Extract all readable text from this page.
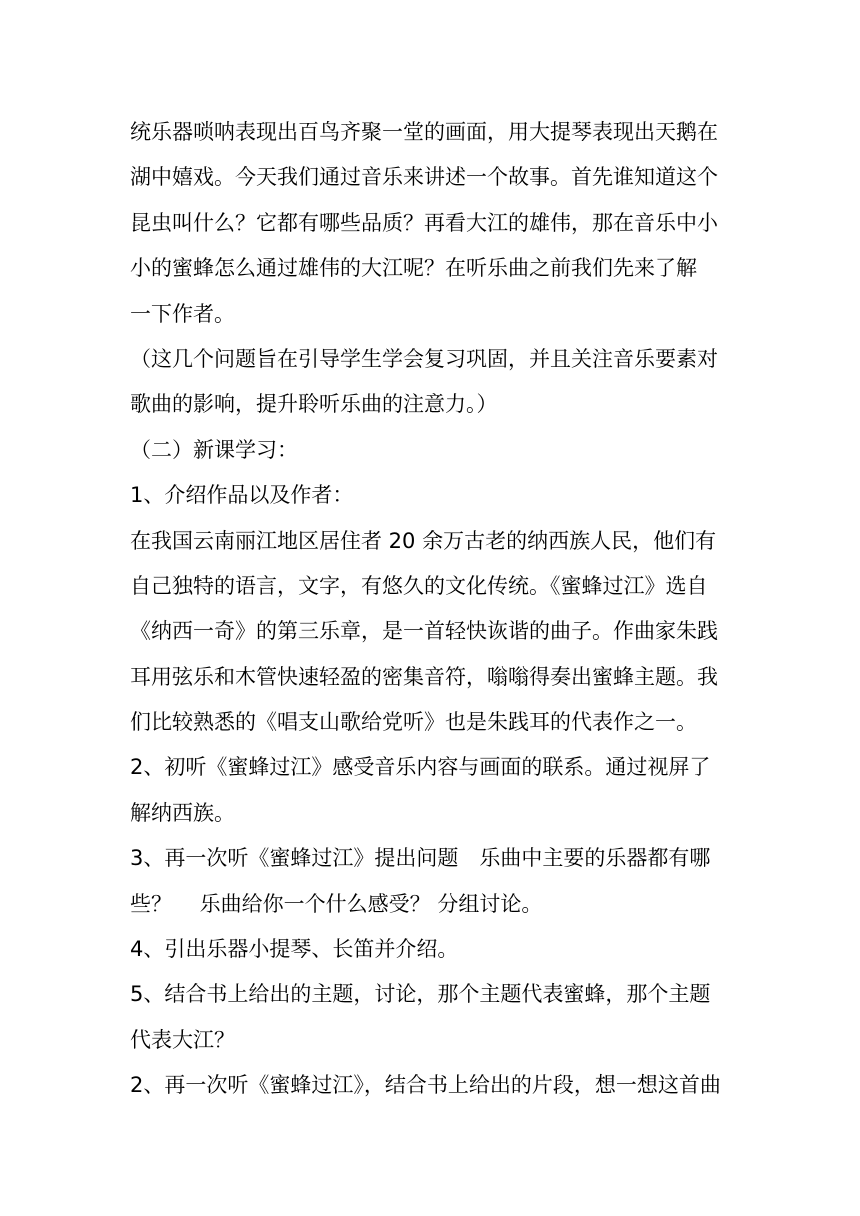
统乐器唢呐表现出百鸟齐聚一堂的画面，用大提琴表现出天鹅在
湖中嬉戏。今天我们通过音乐来讲述一个故事。首先谁知道这个
昆虫叫什么？它都有哪些品质？再看大江的雄伟，那在音乐中小
小的蜜蜂怎么通过雄伟的大江呢？在听乐曲之前我们先来了解
一下作者。
（这几个问题旨在引导学生学会复习巩固，并且关注音乐要素对
歌曲的影响，提升聆听乐曲的注意力。）
（二）新课学习：
1、介绍作品以及作者：
在我国云南丽江地区居住者 20 余万古老的纳西族人民，他们有
自己独特的语言，文字，有悠久的文化传统。《蜜蜂过江》选自
《纳西一奇》的第三乐章，是一首轻快诙谐的曲子。作曲家朱践
耳用弦乐和木管快速轻盈的密集音符，嗡嗡得奏出蜜蜂主题。我
们比较熟悉的《唱支山歌给党听》也是朱践耳的代表作之一。
2、初听《蜜蜂过江》感受音乐内容与画面的联系。通过视屏了
解纳西族。
3、再一次听《蜜蜂过江》提出问题　乐曲中主要的乐器都有哪
些？　 乐曲给你一个什么感受？ 分组讨论。
4、引出乐器小提琴、长笛并介绍。
5、结合书上给出的主题，讨论，那个主题代表蜜蜂，那个主题
代表大江？
2、再一次听《蜜蜂过江》，结合书上给出的片段，想一想这首曲
